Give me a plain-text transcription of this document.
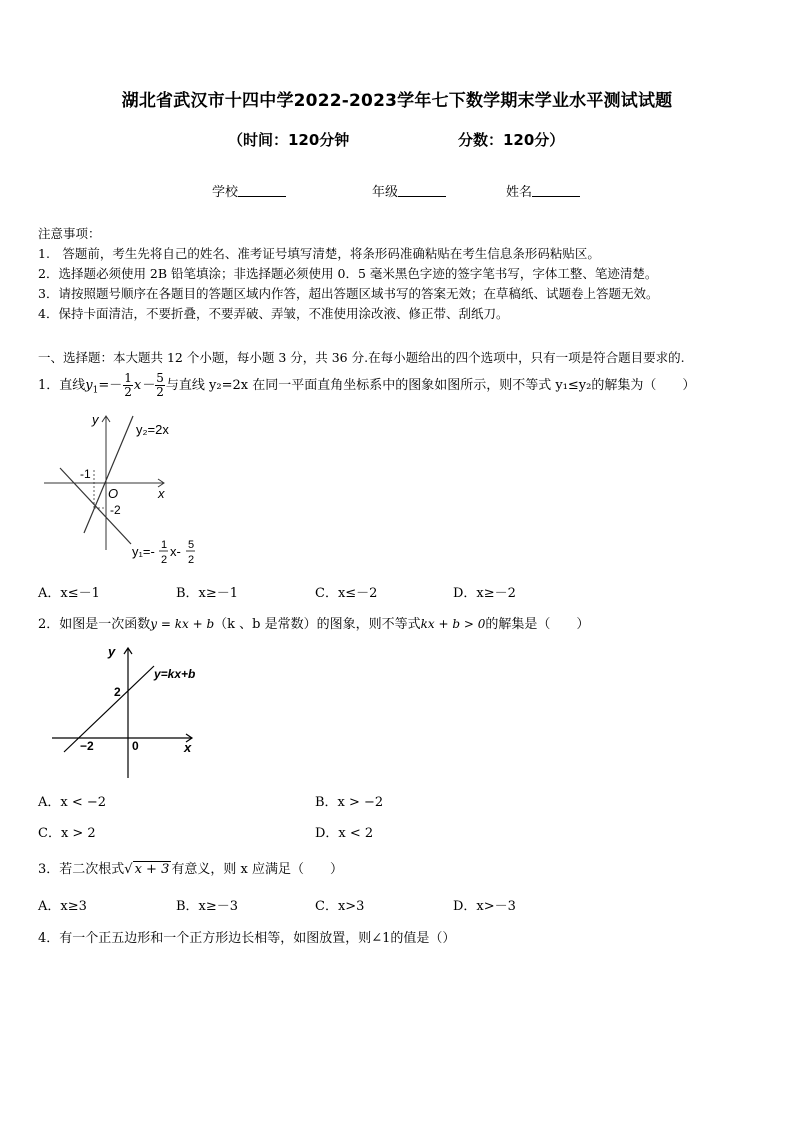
湖北省武汉市十四中学2022-2023学年七下数学期末学业水平测试试题
（时间：120分钟	分数：120分）
学校	年级	姓名
注意事项：
1.　答题前，考生先将自己的姓名、准考证号填写清楚，将条形码准确粘贴在考生信息条形码粘贴区。
2．选择题必须使用 2B 铅笔填涂；非选择题必须使用 0．5 毫米黑色字迹的签字笔书写，字体工整、笔迹清楚。
3．请按照题号顺序在各题目的答题区域内作答，超出答题区域书写的答案无效；在草稿纸、试题卷上答题无效。
4．保持卡面清洁，不要折叠，不要弄破、弄皱，不准使用涂改液、修正带、刮纸刀。
一、选择题：本大题共 12 个小题，每小题 3 分，共 36 分.在每小题给出的四个选项中，只有一项是符合题目要求的.
1．直线$y_1=- \frac{1}{2} x- \frac{5}{2}$ 与直线 y₂=2x 在同一平面直角坐标系中的图象如图所示，则不等式 y₁≤y₂的解集为（　　）
y
x
O
-1
-2
y₂=2x
y₁=- 1
2
x- 5
2
A．x≤－1	B．x≥－1	C．x≤－2	D．x≥－2
2．如图是一次函数y = kx + b（k 、b 是常数）的图象，则不等式kx + b > 0的解集是（　　）
y
x
0
2
−2
y=kx+b
A．x < −2	B．x > −2
C．x > 2	D．x < 2
3．若二次根式√ x + 3 有意义，则 x 应满足（　　）
A．x≥3	B．x≥－3	C．x>3	D．x>－3
4．有一个正五边形和一个正方形边长相等，如图放置，则∠1的值是（）
